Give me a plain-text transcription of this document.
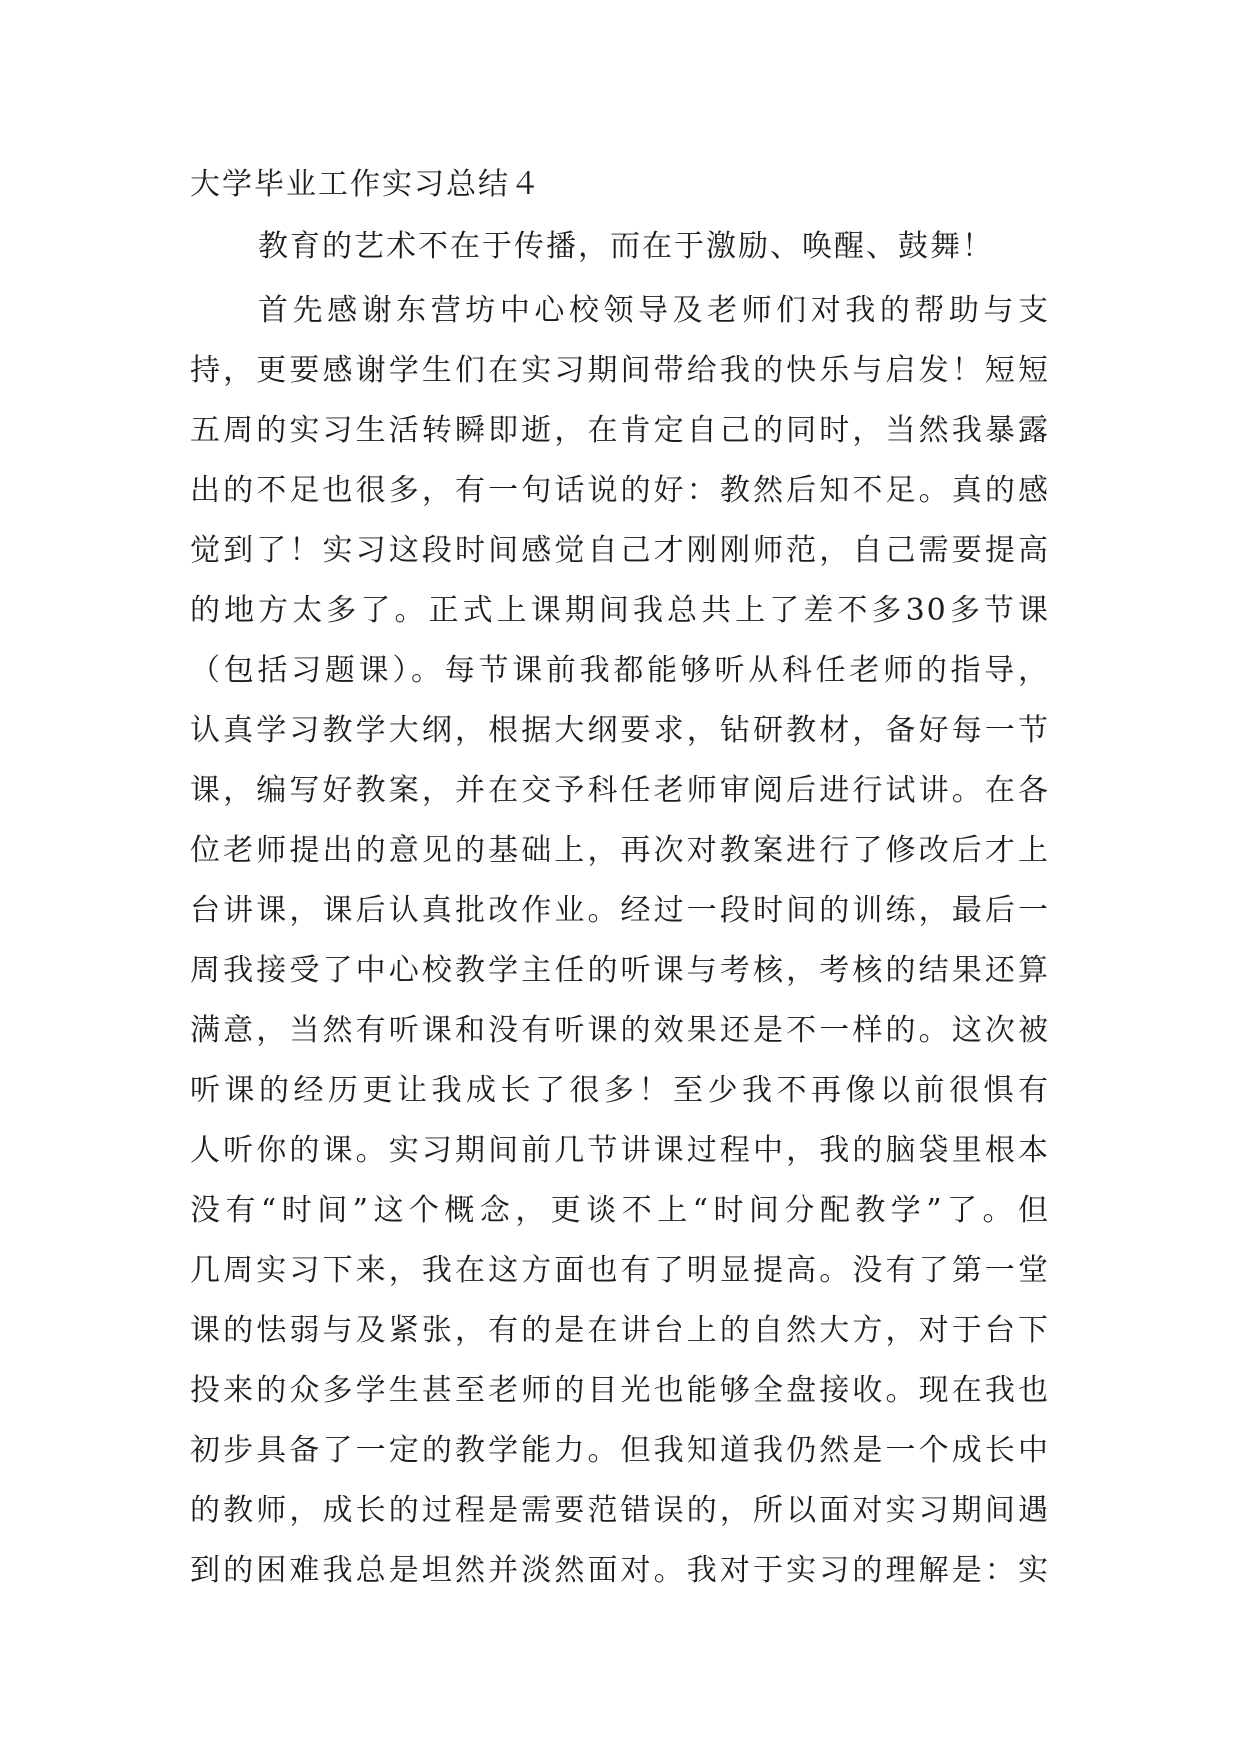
大学毕业工作实习总结４
教育的艺术不在于传播，而在于激励、唤醒、鼓舞！
首先感谢东营坊中心校领导及老师们对我的帮助与支
持，更要感谢学生们在实习期间带给我的快乐与启发！短短
五周的实习生活转瞬即逝，在肯定自己的同时，当然我暴露
出的不足也很多，有一句话说的好：教然后知不足。真的感
觉到了！实习这段时间感觉自己才刚刚师范，自己需要提高
的地方太多了。正式上课期间我总共上了差不多30多节课
（包括习题课）。每节课前我都能够听从科任老师的指导，
认真学习教学大纲，根据大纲要求，钻研教材，备好每一节
课，编写好教案，并在交予科任老师审阅后进行试讲。在各
位老师提出的意见的基础上，再次对教案进行了修改后才上
台讲课，课后认真批改作业。经过一段时间的训练，最后一
周我接受了中心校教学主任的听课与考核，考核的结果还算
满意，当然有听课和没有听课的效果还是不一样的。这次被
听课的经历更让我成长了很多！至少我不再像以前很惧有
人听你的课。实习期间前几节讲课过程中，我的脑袋里根本
没有“时间”这个概念，更谈不上“时间分配教学”了。但
几周实习下来，我在这方面也有了明显提高。没有了第一堂
课的怯弱与及紧张，有的是在讲台上的自然大方，对于台下
投来的众多学生甚至老师的目光也能够全盘接收。现在我也
初步具备了一定的教学能力。但我知道我仍然是一个成长中
的教师，成长的过程是需要范错误的，所以面对实习期间遇
到的困难我总是坦然并淡然面对。我对于实习的理解是：实
